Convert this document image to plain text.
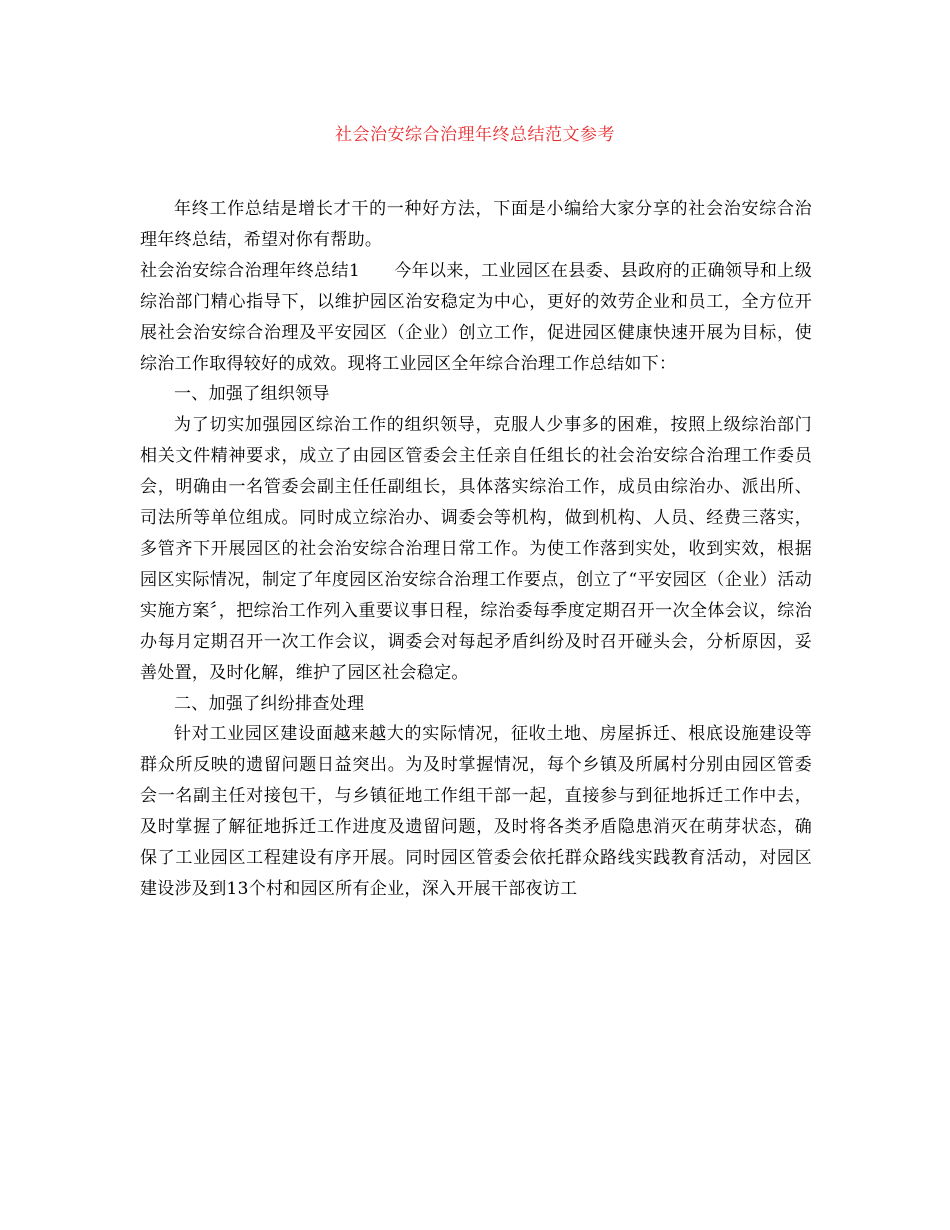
社会治安综合治理年终总结范文参考

年终工作总结是增长才干的一种好方法，下面是小编给大家分享的社会治安综合治理年终总结，希望对你有帮助。

社会治安综合治理年终总结1 今年以来，工业园区在县委、县政府的正确领导和上级综治部门精心指导下，以维护园区治安稳定为中心，更好的效劳企业和员工，全方位开展社会治安综合治理及平安园区（企业）创立工作，促进园区健康快速开展为目标，使综治工作取得较好的成效。现将工业园区全年综合治理工作总结如下：

一、加强了组织领导

为了切实加强园区综治工作的组织领导，克服人少事多的困难，按照上级综治部门相关文件精神要求，成立了由园区管委会主任亲自任组长的社会治安综合治理工作委员会，明确由一名管委会副主任任副组长，具体落实综治工作，成员由综治办、派出所、司法所等单位组成。同时成立综治办、调委会等机构，做到机构、人员、经费三落实，多管齐下开展园区的社会治安综合治理日常工作。为使工作落到实处，收到实效，根据园区实际情况，制定了年度园区治安综合治理工作要点，创立了“平安园区（企业）活动实施方案〞，把综治工作列入重要议事日程，综治委每季度定期召开一次全体会议，综治办每月定期召开一次工作会议，调委会对每起矛盾纠纷及时召开碰头会，分析原因，妥善处置，及时化解，维护了园区社会稳定。

二、加强了纠纷排查处理

针对工业园区建设面越来越大的实际情况，征收土地、房屋拆迁、根底设施建设等群众所反映的遗留问题日益突出。为及时掌握情况，每个乡镇及所属村分别由园区管委会一名副主任对接包干，与乡镇征地工作组干部一起，直接参与到征地拆迁工作中去，及时掌握了解征地拆迁工作进度及遗留问题，及时将各类矛盾隐患消灭在萌芽状态，确保了工业园区工程建设有序开展。同时园区管委会依托群众路线实践教育活动，对园区建设涉及到13个村和园区所有企业，深入开展干部夜访工
